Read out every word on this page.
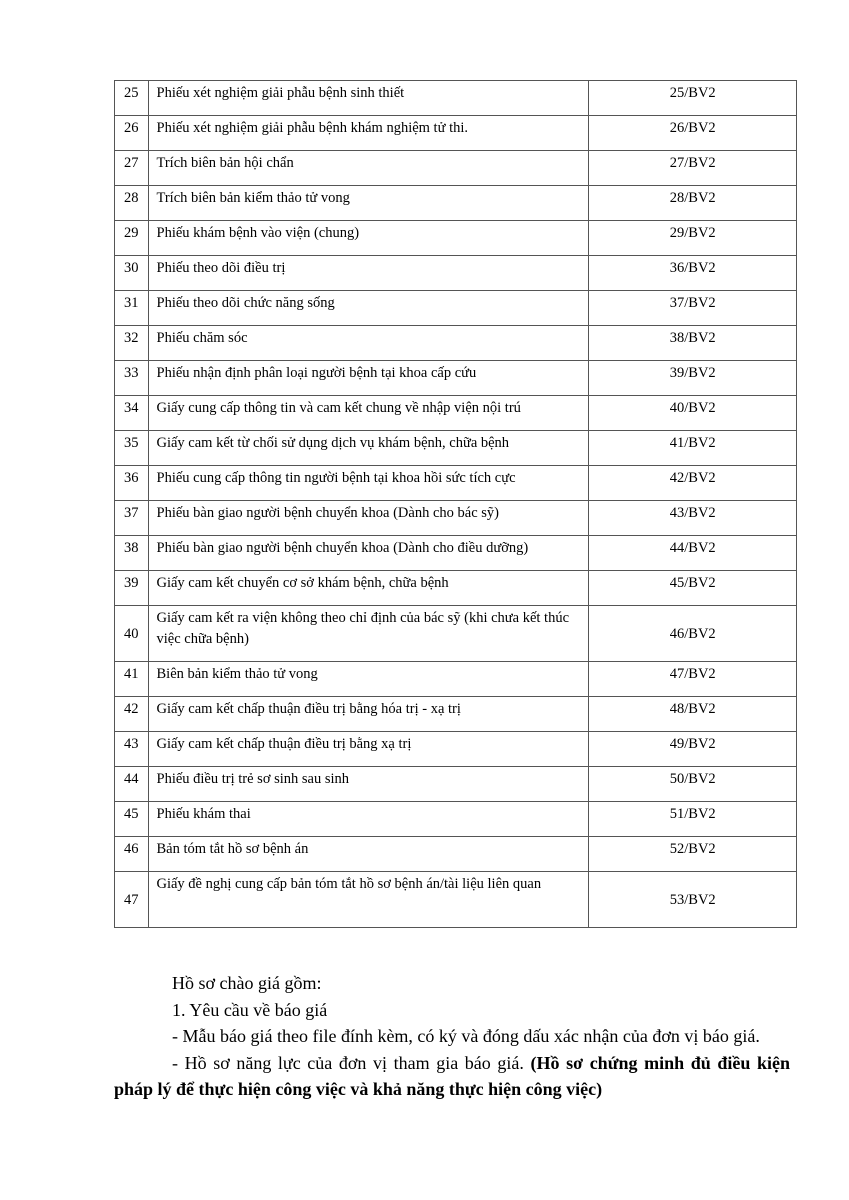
25	Phiếu xét nghiệm giải phẫu bệnh sinh thiết	25/BV2
26	Phiếu xét nghiệm giải phẫu bệnh khám nghiệm tử thi.	26/BV2
27	Trích biên bản hội chẩn	27/BV2
28	Trích biên bản kiểm thảo tử vong	28/BV2
29	Phiếu khám bệnh vào viện (chung)	29/BV2
30	Phiếu theo dõi điều trị	36/BV2
31	Phiếu theo dõi chức năng sống	37/BV2
32	Phiếu chăm sóc	38/BV2
33	Phiếu nhận định phân loại người bệnh tại khoa cấp cứu	39/BV2
34	Giấy cung cấp thông tin và cam kết chung về nhập viện nội trú	40/BV2
35	Giấy cam kết từ chối sử dụng dịch vụ khám bệnh, chữa bệnh	41/BV2
36	Phiếu cung cấp thông tin người bệnh tại khoa hồi sức tích cực	42/BV2
37	Phiếu bàn giao người bệnh chuyển khoa (Dành cho bác sỹ)	43/BV2
38	Phiếu bàn giao người bệnh chuyển khoa (Dành cho điều dưỡng)	44/BV2
39	Giấy cam kết chuyển cơ sở khám bệnh, chữa bệnh	45/BV2
40	Giấy cam kết ra viện không theo chỉ định của bác sỹ (khi chưa kết thúc việc chữa bệnh)	46/BV2
41	Biên bản kiểm thảo tử vong	47/BV2
42	Giấy cam kết chấp thuận điều trị bằng hóa trị - xạ trị	48/BV2
43	Giấy cam kết chấp thuận điều trị bằng xạ trị	49/BV2
44	Phiếu điều trị trẻ sơ sinh sau sinh	50/BV2
45	Phiếu khám thai	51/BV2
46	Bản tóm tắt hồ sơ bệnh án	52/BV2
47	Giấy đề nghị cung cấp bản tóm tắt hồ sơ bệnh án/tài liệu liên quan	53/BV2

Hồ sơ chào giá gồm:

1. Yêu cầu về báo giá

- Mẫu báo giá theo file đính kèm, có ký và đóng dấu xác nhận của đơn vị báo giá.

- Hồ sơ năng lực của đơn vị tham gia báo giá. (Hồ sơ chứng minh đủ điều kiện pháp lý để thực hiện công việc và khả năng thực hiện công việc)
